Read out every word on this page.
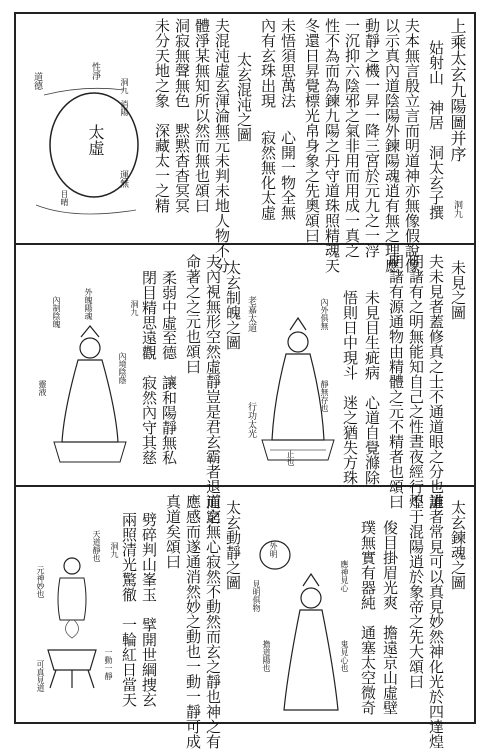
上乘太玄九陽圖并序
洞九
姑射山　神居　洞太玄子撰
夫本無言殷立言而明道神亦無像假說像
以示真內道陰陽外鍊陽魂逍有無之理應
動靜之機一昇一降三宮於元九之一浮
一沉抑六陰邪之氣非用而用成一真之
性不為而為鍊九陽之丹守道珠照精魂天
冬還日昇覺標光帛身象之先奧頌曰
未悟須思萬法
內有玄珠出現
心開一物全無
寂然無化太虛
太玄混沌之圖
夫混沌虛玄渾淪無元未判未地人物不分
體淨某無知所以然而無也頌曰
洞寂無聲無色　黙黙杳杳冥冥
未分天地之象　深藏太一之精
性淨
運無
道德
太虛
消陽
目晴
洞九
未見之圖
夫未見者蓋修真之士不通道眼之分也誰
明諸有之明無能知自己之性晝夜經行不
明諸有源通物由精體之元不精者也頌曰
未見目生疵病　心道自覺滌除
悟則日中現斗　迷之猶失方珠
內外俱無
靜無存也
止也
老嘉太道
行功太光
太玄制魄之圖
夫內視無形空然虛靜豈是君玄霸者退而窮
命著之之元也頌曰
柔弱中虛至德　讓和陽靜無私
閉目精思遠觀　寂然內守其慈
外魄陽魂
內制陰魄	洞九
內境陰蔭
靈液
太玄鍊魂之圖
道者常見可以真見妙然神化光於四達煌
煌于混陽逍於象帝之先大頌曰
俊目掛眉光爽　擔遠京山虛壁
璞無實有器純　通塞太空微奇
外明
見明俱物
應神見心
鬼見心也
擔道陽也
太玄動靜之圖
道之無心寂然不動然而玄之靜也神之有
應感而遂通消然妙之動也一動一靜可成
真道矣頌曰
劈碎判山峯玉　擘開世綱捜玄
兩照清光驚徹　一輪紅日當天
天道靜也 洞九
元神妙也
可真見道	一動一靜
